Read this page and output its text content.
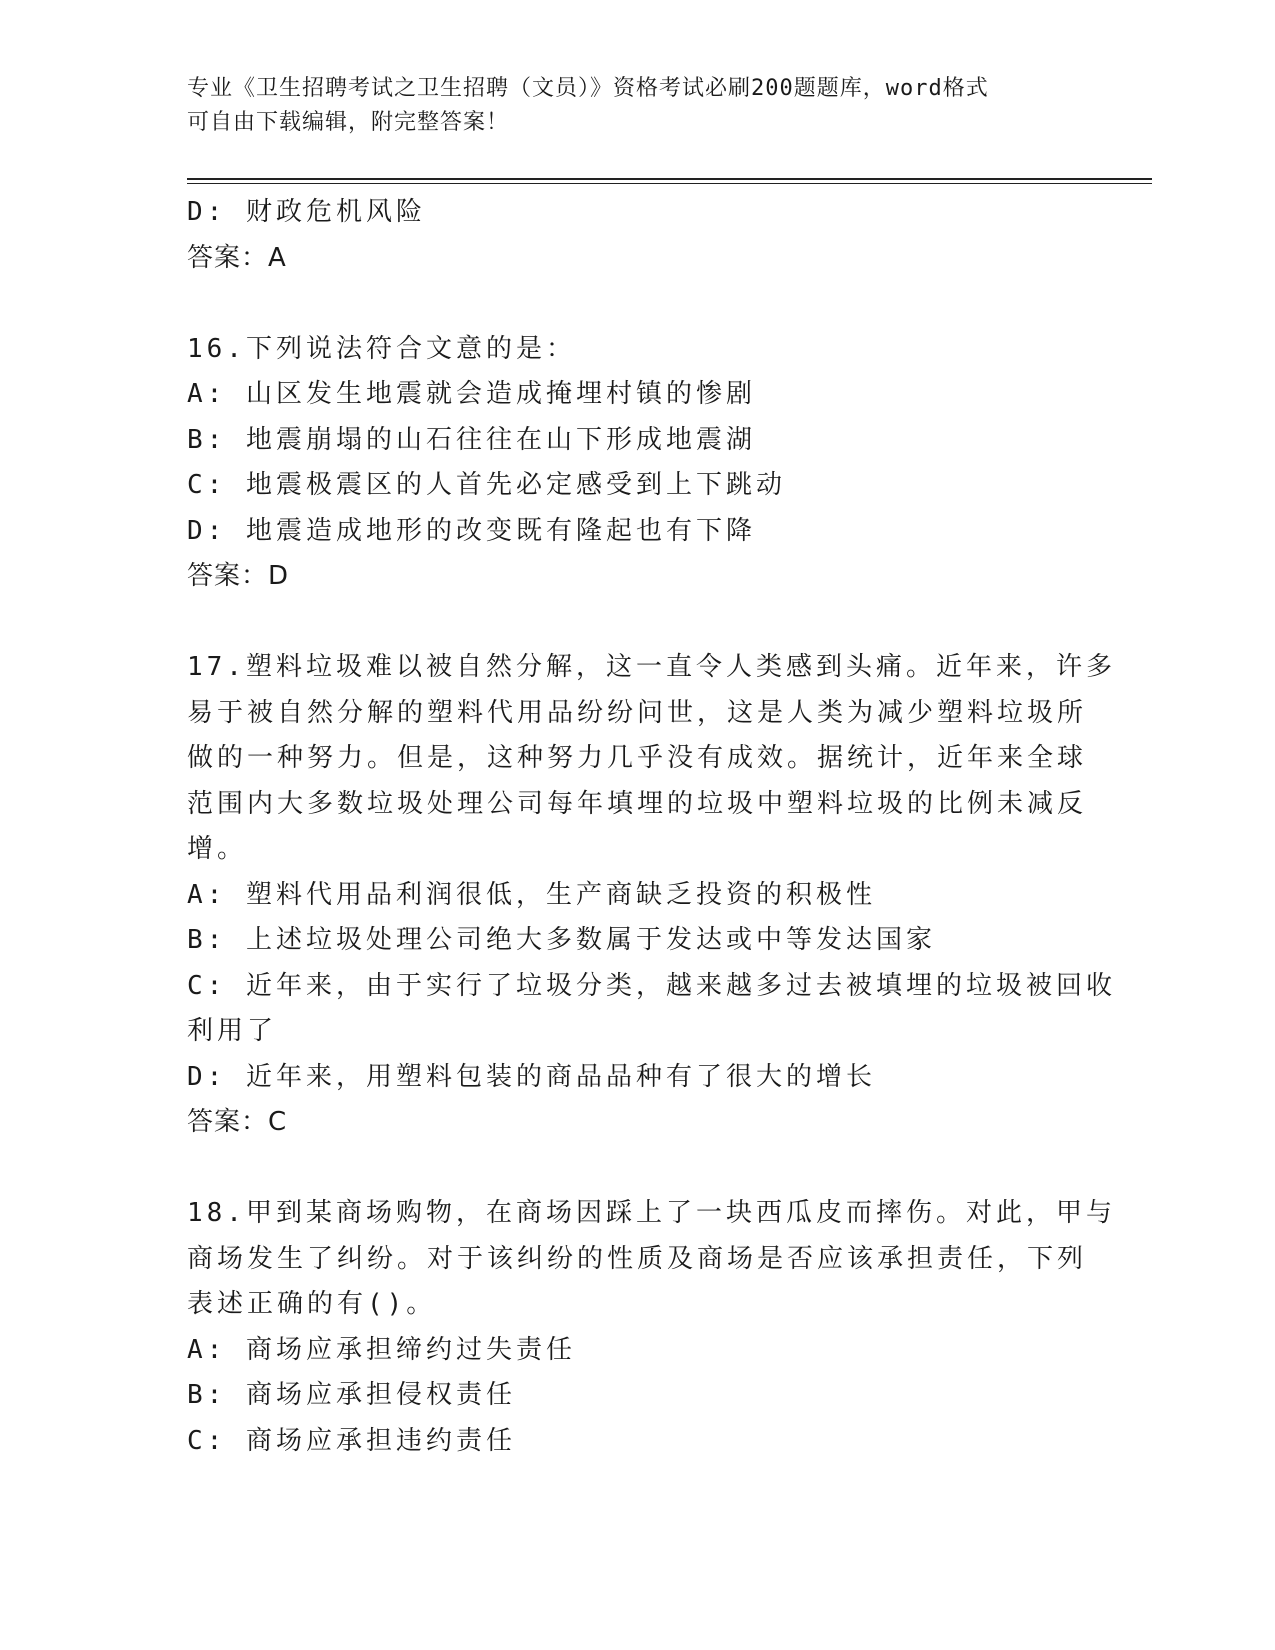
专业《卫生招聘考试之卫生招聘（文员）》资格考试必刷200题题库，word格式
可自由下载编辑，附完整答案！
D: 财政危机风险
答案：A
16.下列说法符合文意的是：
A: 山区发生地震就会造成掩埋村镇的惨剧
B: 地震崩塌的山石往往在山下形成地震湖
C: 地震极震区的人首先必定感受到上下跳动
D: 地震造成地形的改变既有隆起也有下降
答案：D
17.塑料垃圾难以被自然分解，这一直令人类感到头痛。近年来，许多
易于被自然分解的塑料代用品纷纷问世，这是人类为减少塑料垃圾所
做的一种努力。但是，这种努力几乎没有成效。据统计，近年来全球
范围内大多数垃圾处理公司每年填埋的垃圾中塑料垃圾的比例未减反
增。
A: 塑料代用品利润很低，生产商缺乏投资的积极性
B: 上述垃圾处理公司绝大多数属于发达或中等发达国家
C: 近年来，由于实行了垃圾分类，越来越多过去被填埋的垃圾被回收
利用了
D: 近年来，用塑料包装的商品品种有了很大的增长
答案：C
18.甲到某商场购物，在商场因踩上了一块西瓜皮而摔伤。对此，甲与
商场发生了纠纷。对于该纠纷的性质及商场是否应该承担责任，下列
表述正确的有()。
A: 商场应承担缔约过失责任
B: 商场应承担侵权责任
C: 商场应承担违约责任
